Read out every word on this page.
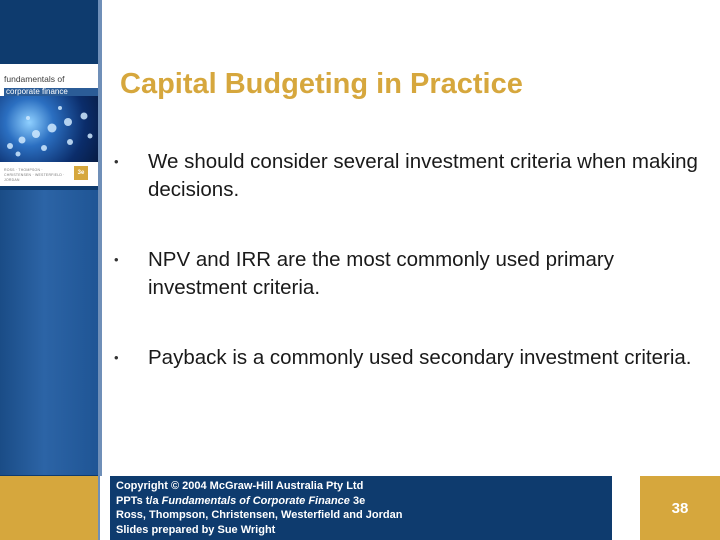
fundamentals of
corporate finance
ROSS · THOMPSON · CHRISTENSEN · WESTERFIELD · JORDAN
3e
Capital Budgeting in Practice
• We should consider several investment criteria when making decisions.
• NPV and IRR are the most commonly used primary investment criteria.
• Payback is a commonly used secondary investment criteria.
Copyright © 2004 McGraw-Hill Australia Pty Ltd
PPTs t/a Fundamentals of Corporate Finance 3e
Ross, Thompson, Christensen, Westerfield and Jordan
Slides prepared by Sue Wright
38
